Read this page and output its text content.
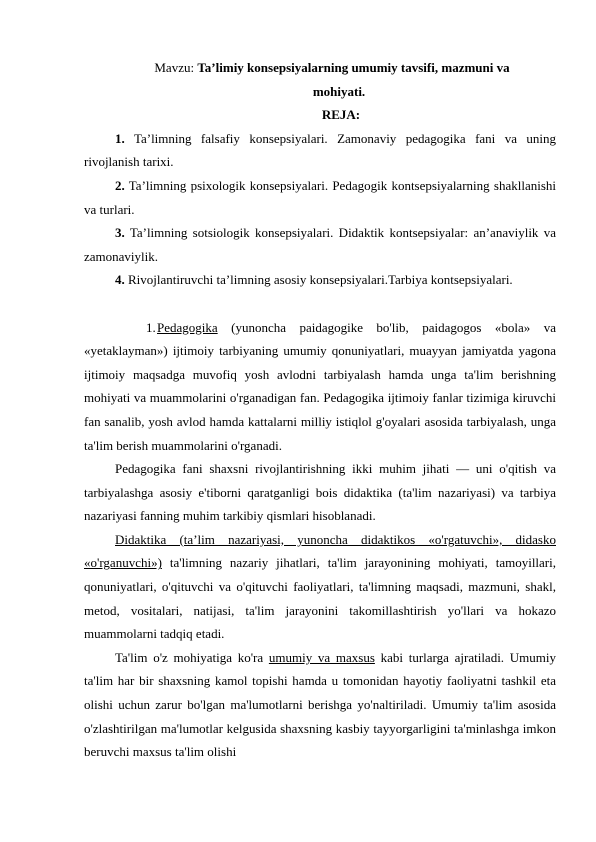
Mavzu: Ta’limiy konsepsiyalarning umumiy tavsifi, mazmuni va
mohiyati.

REJA:

1. Ta’limning falsafiy konsepsiyalari. Zamonaviy pedagogika fani va uning rivojlanish tarixi.

2. Ta’limning psixologik konsepsiyalari. Pedagogik kontsepsiyalarning shakllanishi va turlari.

3. Ta’limning sotsiologik konsepsiyalari. Didaktik kontsepsiyalar: an’anaviylik va zamonaviylik.

4. Rivojlantiruvchi ta’limning asosiy konsepsiyalari.Tarbiya kontsepsiyalari.

1.Pedagogika (yunoncha paidagogike bo'lib, paidagogos «bola» va «yetaklayman») ijtimoiy tarbiyaning umumiy qonuniyatlari, muayyan jamiyatda yagona ijtimoiy maqsadga muvofiq yosh avlodni tarbiyalash hamda unga ta'lim berishning mohiyati va muammolarini o'rganadigan fan. Pedagogika ijtimoiy fanlar tizimiga kiruvchi fan sanalib, yosh avlod hamda kattalarni milliy istiqlol g'oyalari asosida tarbiyalash, unga ta'lim berish muammolarini o'rganadi.

Pedagogika fani shaxsni rivojlantirishning ikki muhim jihati — uni o'qitish va tarbiyalashga asosiy e'tiborni qaratganligi bois didaktika (ta'lim nazariyasi) va tarbiya nazariyasi fanning muhim tarkibiy qismlari hisoblanadi.

Didaktika (ta’lim nazariyasi, yunoncha didaktikos «o'rgatuvchi», didasko «o'rganuvchi») ta'limning nazariy jihatlari, ta'lim jarayonining mohiyati, tamoyillari, qonuniyatlari, o'qituvchi va o'qituvchi faoliyatlari, ta'limning maqsadi, mazmuni, shakl, metod, vositalari, natijasi, ta'lim jarayonini takomillashtirish yo'llari va hokazo muammolarni tadqiq etadi.

Ta'lim o'z mohiyatiga ko'ra umumiy va maxsus kabi turlarga ajratiladi. Umumiy ta'lim har bir shaxsning kamol topishi hamda u tomonidan hayotiy faoliyatni tashkil eta olishi uchun zarur bo'lgan ma'lumotlarni berishga yo'naltiriladi. Umumiy ta'lim asosida o'zlashtirilgan ma'lumotlar kelgusida shaxsning kasbiy tayyorgarligini ta'minlashga imkon beruvchi maxsus ta'lim olishi
